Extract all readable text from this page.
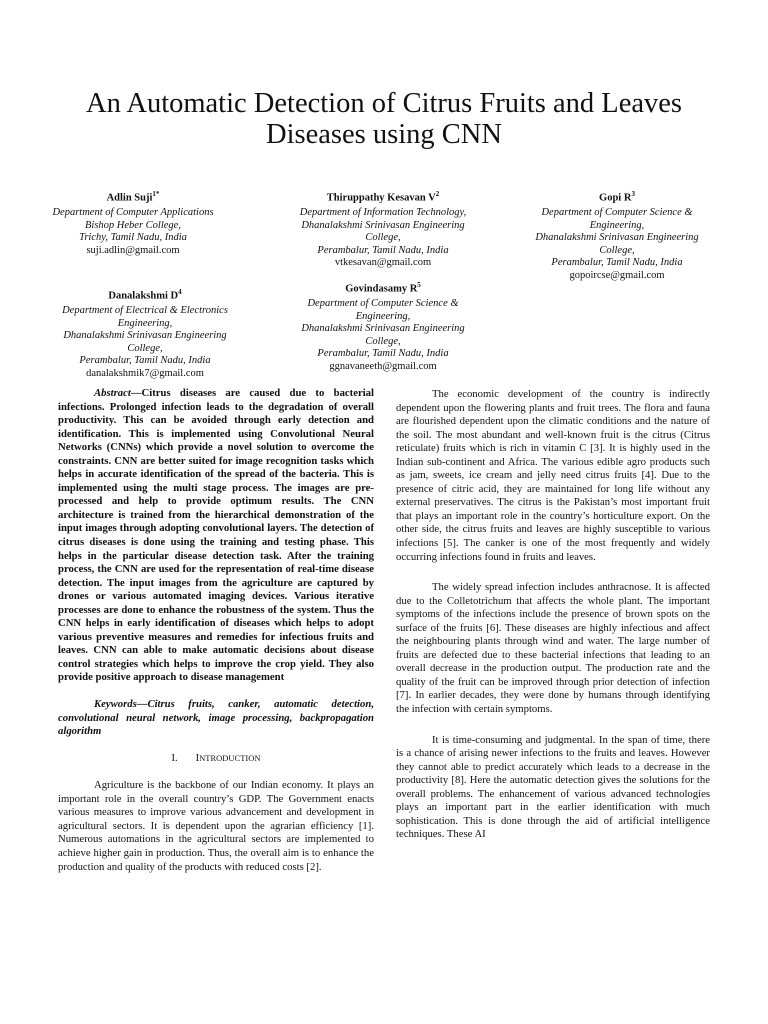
An Automatic Detection of Citrus Fruits and Leaves Diseases using CNN
Adlin Suji$^{1*}$
Department of Computer Applications
Bishop Heber College,
Trichy, Tamil Nadu, India
suji.adlin@gmail.com
Thiruppathy Kesavan $V^2$
Department of Information Technology,
Dhanalakshmi Srinivasan Engineering
College,
Perambalur, Tamil Nadu, India
vtkesavan@gmail.com
Gopi $R^3$
Department of Computer Science &
Engineering,
Dhanalakshmi Srinivasan Engineering
College,
Perambalur, Tamil Nadu, India
gopoircse@gmail.com
Danalakshmi $D^4$
Department of Electrical & Electronics
Engineering,
Dhanalakshmi Srinivasan Engineering
College,
Perambalur, Tamil Nadu, India
danalakshmik7@gmail.com
Govindasamy $R^5$
Department of Computer Science &
Engineering,
Dhanalakshmi Srinivasan Engineering
College,
Perambalur, Tamil Nadu, India
ggnavaneeth@gmail.com

Abstract—Citrus diseases are caused due to bacterial infections. Prolonged infection leads to the degradation of overall productivity. This can be avoided through early detection and identification. This is implemented using Convolutional Neural Networks (CNNs) which provide a novel solution to overcome the constraints. CNN are better suited for image recognition tasks which helps in accurate identification of the spread of the bacteria. This is implemented using the multi stage process. The images are pre-processed and help to provide optimum results. The CNN architecture is trained from the hierarchical demonstration of the input images through adopting convolutional layers. The detection of citrus diseases is done using the training and testing phase. This helps in the particular disease detection task. After the training process, the CNN are used for the representation of real-time disease detection. The input images from the agriculture are captured by drones or various automated imaging devices. Various iterative processes are done to enhance the robustness of the system. Thus the CNN helps in early identification of diseases which helps to adopt various preventive measures and remedies for infectious fruits and leaves. CNN can able to make automatic decisions about disease control strategies which helps to improve the crop yield. They also provide positive approach to disease management

Keywords—Citrus fruits, canker, automatic detection, convolutional neural network, image processing, backpropagation algorithm

I. INTRODUCTION

Agriculture is the backbone of our Indian economy. It plays an important role in the overall country’s GDP. The Government enacts various measures to improve various advancement and development in agricultural sectors. It is dependent upon the agrarian efficiency [1]. Numerous automations in the agricultural sectors are implemented to achieve higher gain in production. Thus, the overall aim is to enhance the production and quality of the products with reduced costs [2].

The economic development of the country is indirectly dependent upon the flowering plants and fruit trees. The flora and fauna are flourished dependent upon the climatic conditions and the nature of the soil. The most abundant and well-known fruit is the citrus (Citrus reticulate) fruits which is rich in vitamin C [3]. It is highly used in the Indian sub-continent and Africa. The various edible agro products such as jam, sweets, ice cream and jelly need citrus fruits [4]. Due to the presence of citric acid, they are maintained for long life without any external preservatives. The citrus is the Pakistan’s most important fruit that plays an important role in the country’s horticulture export. On the other side, the citrus fruits and leaves are highly susceptible to various infections [5]. The canker is one of the most frequently and widely occurring infections found in fruits and leaves.

The widely spread infection includes anthracnose. It is affected due to the Colletotrichum that affects the whole plant. The important symptoms of the infections include the presence of brown spots on the surface of the fruits [6]. These diseases are highly infectious and affect the neighbouring plants through wind and water. The large number of fruits are defected due to these bacterial infections that leading to an overall decrease in the production output. The production rate and the quality of the fruit can be improved through prior detection of infection [7]. In earlier decades, they were done by humans through identifying the infection with certain symptoms.

It is time-consuming and judgmental. In the span of time, there is a chance of arising newer infections to the fruits and leaves. However they cannot able to predict accurately which leads to a decrease in the productivity [8]. Here the automatic detection gives the solutions for the overall problems. The enhancement of various advanced technologies plays an important part in the earlier identification with much sophistication. This is done through the aid of artificial intelligence techniques. These AI
